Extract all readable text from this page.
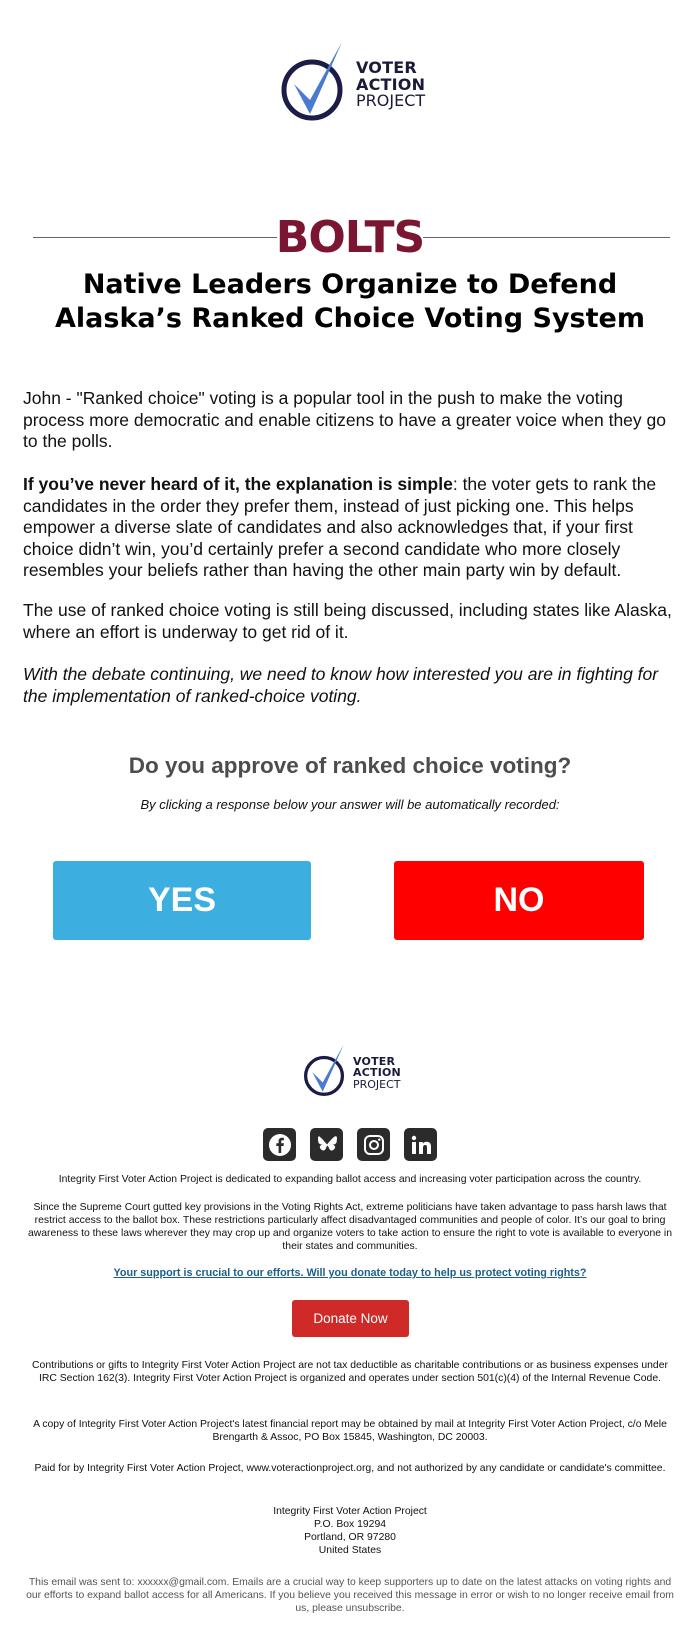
VOTER
ACTION
PROJECT
BOLTS
Native Leaders Organize to Defend Alaska’s Ranked Choice Voting System

John - "Ranked choice" voting is a popular tool in the push to make the voting process more democratic and enable citizens to have a greater voice when they go to the polls.

If you’ve never heard of it, the explanation is simple: the voter gets to rank the candidates in the order they prefer them, instead of just picking one. This helps empower a diverse slate of candidates and also acknowledges that, if your first choice didn’t win, you’d certainly prefer a second candidate who more closely resembles your beliefs rather than having the other main party win by default.

The use of ranked choice voting is still being discussed, including states like Alaska, where an effort is underway to get rid of it.

With the debate continuing, we need to know how interested you are in fighting for the implementation of ranked-choice voting.

Do you approve of ranked choice voting?
By clicking a response below your answer will be automatically recorded:
YES	NO
VOTER
ACTION
PROJECT
Integrity First Voter Action Project is dedicated to expanding ballot access and increasing voter participation across the country.
Since the Supreme Court gutted key provisions in the Voting Rights Act, extreme politicians have taken advantage to pass harsh laws that restrict access to the ballot box. These restrictions particularly affect disadvantaged communities and people of color. It’s our goal to bring awareness to these laws wherever they may crop up and organize voters to take action to ensure the right to vote is available to everyone in their states and communities.
Your support is crucial to our efforts. Will you donate today to help us protect voting rights?
Donate Now
Contributions or gifts to Integrity First Voter Action Project are not tax deductible as charitable contributions or as business expenses under IRC Section 162(3). Integrity First Voter Action Project is organized and operates under section 501(c)(4) of the Internal Revenue Code.
A copy of Integrity First Voter Action Project's latest financial report may be obtained by mail at Integrity First Voter Action Project, c/o Mele Brengarth & Assoc, PO Box 15845, Washington, DC 20003.
Paid for by Integrity First Voter Action Project, www.voteractionproject.org, and not authorized by any candidate or candidate's committee.
Integrity First Voter Action Project
P.O. Box 19294
Portland, OR 97280
United States
This email was sent to: xxxxxx@gmail.com. Emails are a crucial way to keep supporters up to date on the latest attacks on voting rights and our efforts to expand ballot access for all Americans. If you believe you received this message in error or wish to no longer receive email from us, please unsubscribe.
